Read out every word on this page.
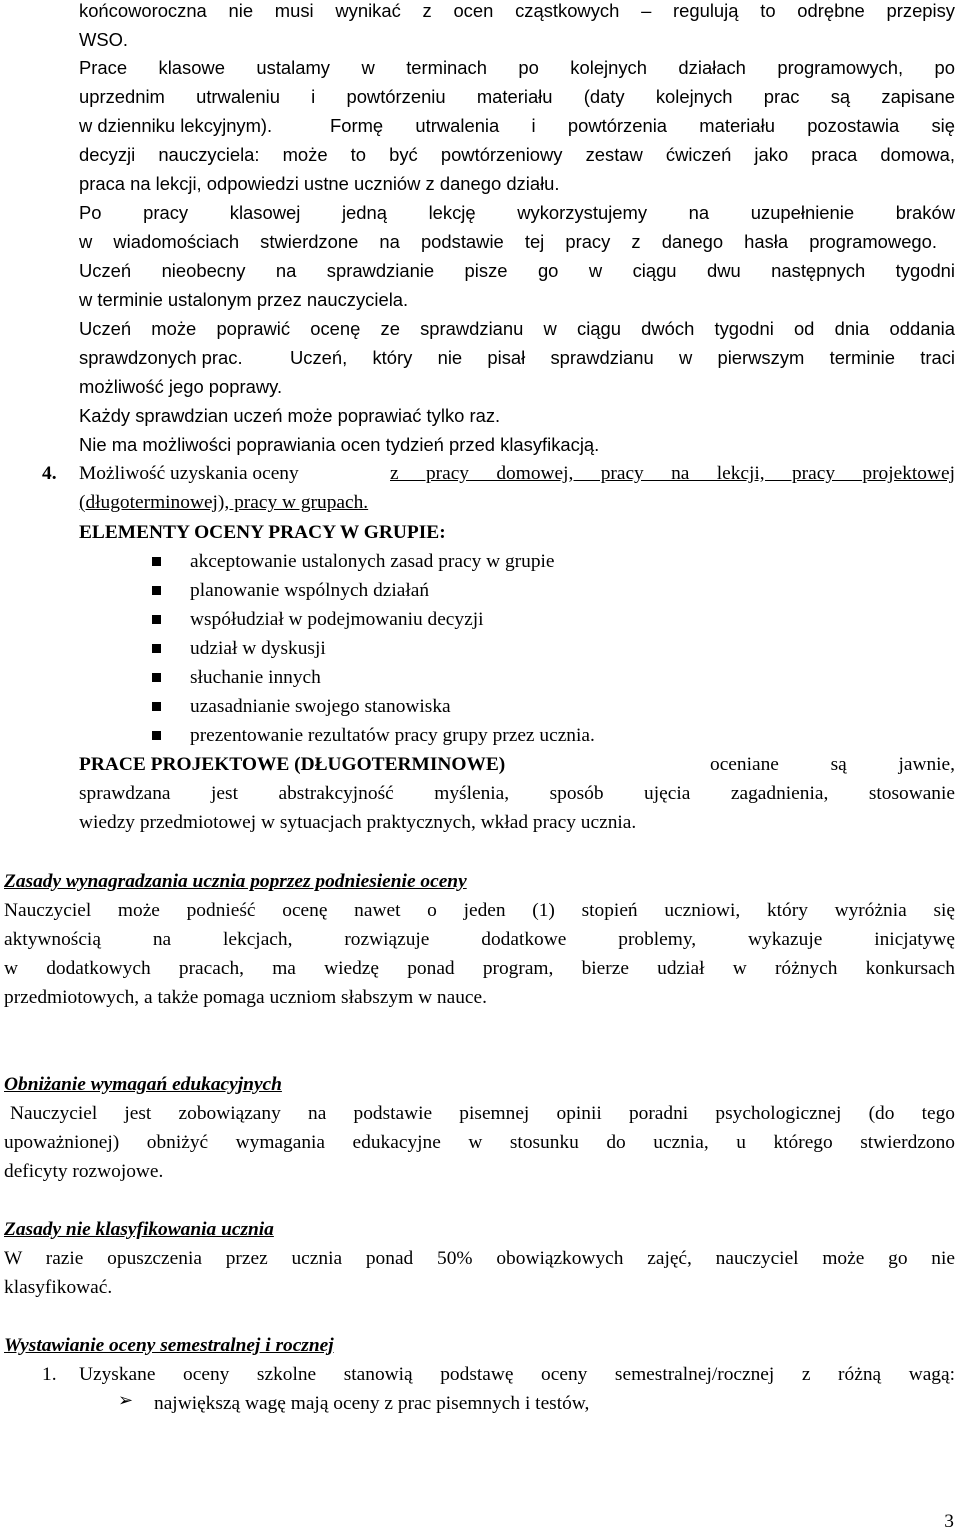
końcoworoczna nie musi wynikać z ocen cząstkowych – regulują to odrębne przepisy

WSO.

Prace klasowe ustalamy w terminach po kolejnych działach programowych, po

uprzednim utrwaleniu i powtórzeniu materiału (daty kolejnych prac są zapisane

w dzienniku lekcyjnym).	Formę utrwalenia i powtórzenia materiału pozostawia się

decyzji nauczyciela: może to być powtórzeniowy zestaw ćwiczeń jako praca domowa,

praca na lekcji, odpowiedzi ustne uczniów z danego działu.

Po pracy klasowej jedną lekcję wykorzystujemy na uzupełnienie braków

w wiadomościach stwierdzone na podstawie tej pracy z danego hasła programowego.

Uczeń nieobecny na sprawdzianie pisze go w ciągu dwu następnych tygodni

w terminie ustalonym przez nauczyciela.

Uczeń może poprawić ocenę ze sprawdzianu w ciągu dwóch tygodni od dnia oddania

sprawdzonych prac.	Uczeń, który nie pisał sprawdzianu w pierwszym terminie traci

możliwość jego poprawy.

Każdy sprawdzian uczeń może poprawiać tylko raz.

Nie ma możliwości poprawiania ocen tydzień przed klasyfikacją.

4. Możliwość uzyskania oceny	z pracy domowej, pracy na lekcji, pracy projektowej

(długoterminowej), pracy w grupach.

ELEMENTY OCENY PRACY W GRUPIE:

akceptowanie ustalonych zasad pracy w grupie

planowanie wspólnych działań

współudział w podejmowaniu decyzji

udział w dyskusji

słuchanie innych

uzasadnianie swojego stanowiska

prezentowanie rezultatów pracy grupy przez ucznia.

PRACE PROJEKTOWE (DŁUGOTERMINOWE)	oceniane są jawnie,

sprawdzana jest abstrakcyjność myślenia, sposób ujęcia zagadnienia, stosowanie

wiedzy przedmiotowej w sytuacjach praktycznych, wkład pracy ucznia.

Zasady wynagradzania ucznia poprzez podniesienie oceny

Nauczyciel może podnieść ocenę nawet o jeden (1) stopień uczniowi, który wyróżnia się

aktywnością na lekcjach, rozwiązuje dodatkowe problemy, wykazuje inicjatywę

w dodatkowych pracach, ma wiedzę ponad program, bierze udział w różnych konkursach

przedmiotowych, a także pomaga uczniom słabszym w nauce.

Obniżanie wymagań edukacyjnych

Nauczyciel jest zobowiązany na podstawie pisemnej opinii poradni psychologicznej (do tego

upoważnionej) obniżyć wymagania edukacyjne w stosunku do ucznia, u którego stwierdzono

deficyty rozwojowe.

Zasady nie klasyfikowania ucznia

W razie opuszczenia przez ucznia ponad 50% obowiązkowych zajęć, nauczyciel może go nie

klasyfikować.

Wystawianie oceny semestralnej i rocznej

1. Uzyskane oceny szkolne stanowią podstawę oceny semestralnej/rocznej z różną wagą:

➢ największą wagę mają oceny z prac pisemnych i testów,

3
